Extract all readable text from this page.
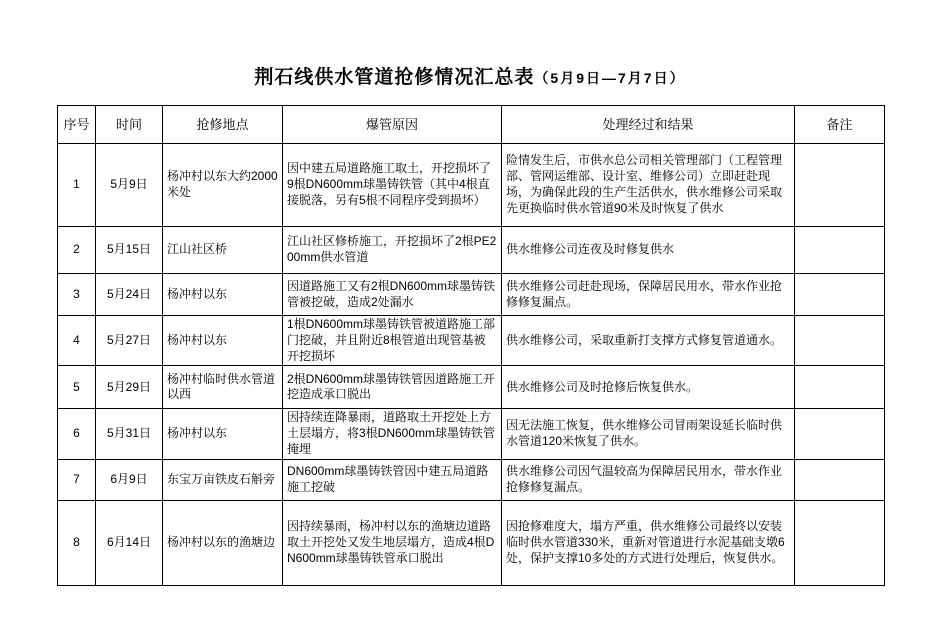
荆石线供水管道抢修情况汇总表（5月9日—7月7日）
序号	时间	抢修地点	爆管原因	处理经过和结果	备注
1	5月9日	杨冲村以东大约2000米处	因中建五局道路施工取土，开挖损坏了9根DN600mm球墨铸铁管（其中4根直接脱落，另有5根不同程序受到损坏）	险情发生后，市供水总公司相关管理部门（工程管理部、管网运维部、设计室、维修公司）立即赶赴现场，为确保此段的生产生活供水，供水维修公司采取先更换临时供水管道90米及时恢复了供水	
2	5月15日	江山社区桥	江山社区修桥施工，开挖损坏了2根PE200mm供水管道	供水维修公司连夜及时修复供水	
3	5月24日	杨冲村以东	因道路施工又有2根DN600mm球墨铸铁管被挖破，造成2处漏水	供水维修公司赶赴现场，保障居民用水，带水作业抢修修复漏点。	
4	5月27日	杨冲村以东	1根DN600mm球墨铸铁管被道路施工部门挖破，并且附近8根管道出现管基被开挖损坏	供水维修公司，采取重新打支撑方式修复管道通水。	
5	5月29日	杨冲村临时供水管道以西	2根DN600mm球墨铸铁管因道路施工开挖造成承口脱出	供水维修公司及时抢修后恢复供水。	
6	5月31日	杨冲村以东	因持续连降暴雨，道路取土开挖处上方土层塌方，将3根DN600mm球墨铸铁管掩埋	因无法施工恢复，供水维修公司冒雨架设延长临时供水管道120米恢复了供水。	
7	6月9日	东宝万亩铁皮石斛旁	DN600mm球墨铸铁管因中建五局道路施工挖破	供水维修公司因气温较高为保障居民用水，带水作业抢修修复漏点。	
8	6月14日	杨冲村以东的渔塘边	因持续暴雨，杨冲村以东的渔塘边道路取土开挖处又发生地层塌方，造成4根DN600mm球墨铸铁管承口脱出	因抢修难度大，塌方严重，供水维修公司最终以安装临时供水管道330米，重新对管道进行水泥基础支墩6处，保护支撑10多处的方式进行处理后，恢复供水。	
